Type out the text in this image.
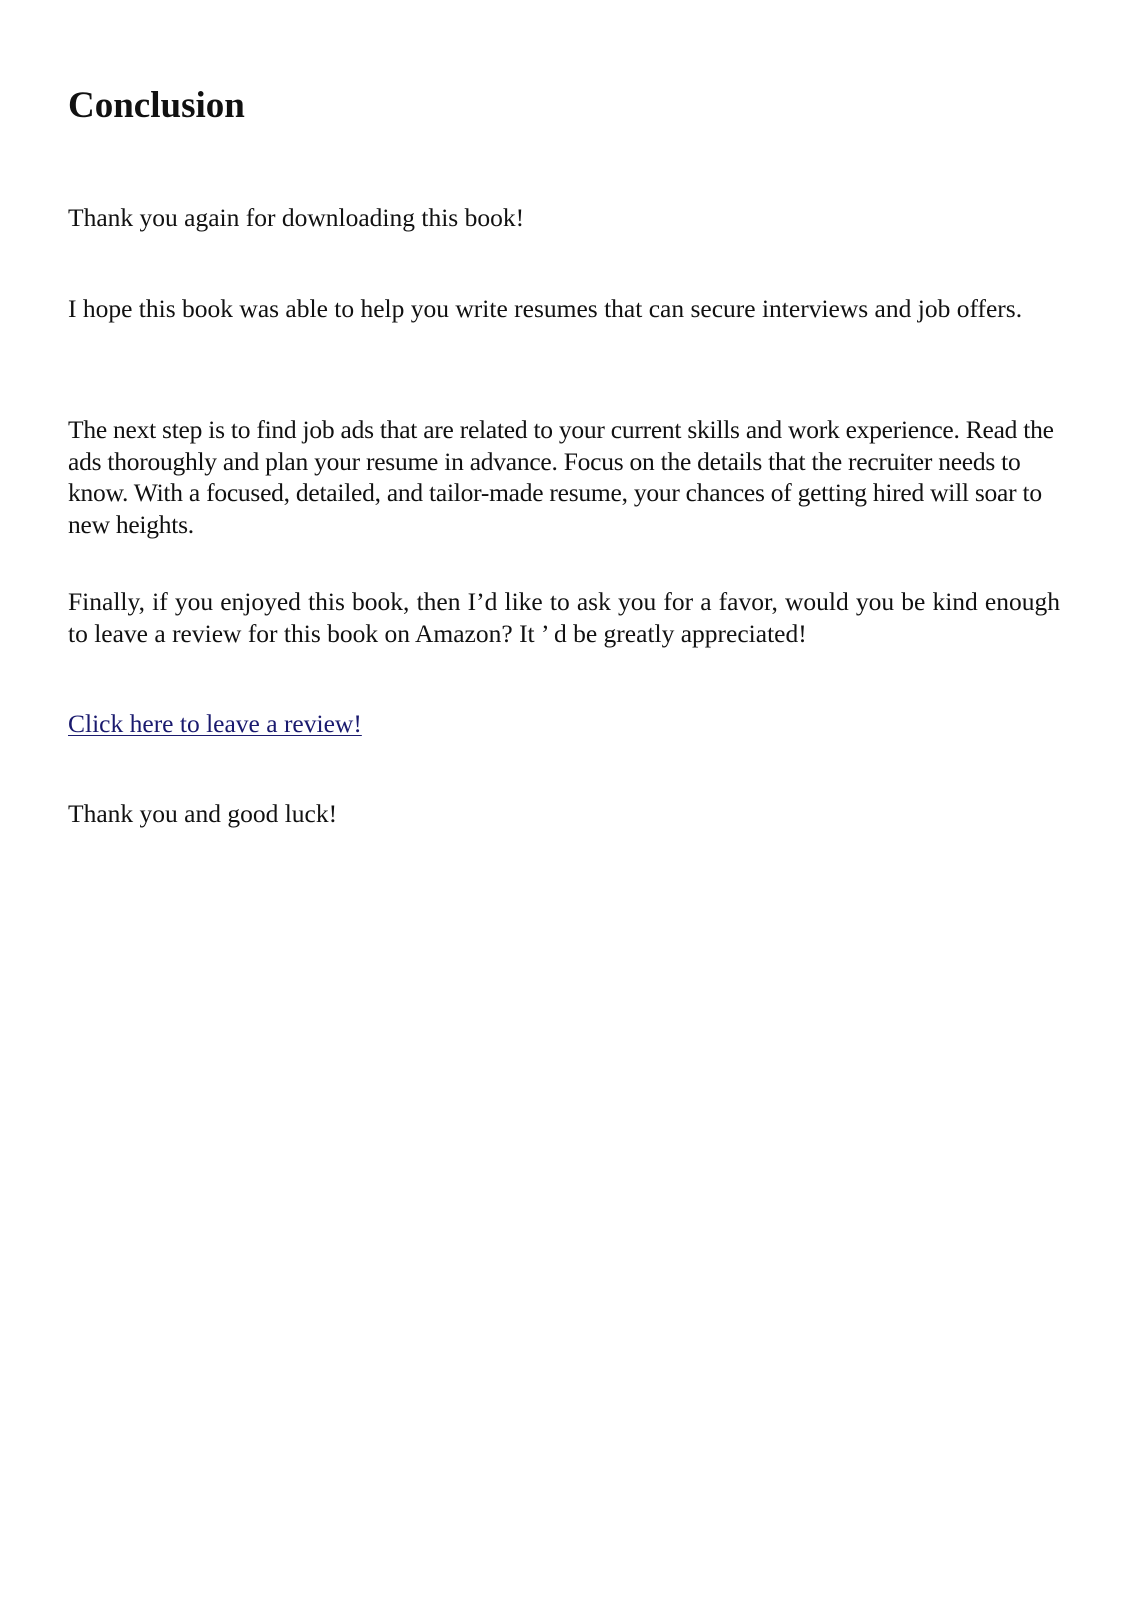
Conclusion

Thank you again for downloading this book!

I hope this book was able to help you write resumes that can secure interviews and job offers.

The next step is to find job ads that are related to your current skills and work experience. Read the ads thoroughly and plan your resume in advance. Focus on the details that the recruiter needs to know. With a focused, detailed, and tailor-made resume, your chances of getting hired will soar to new heights.

Finally, if you enjoyed this book, then I’d like to ask you for a favor, would you be kind enough to leave a review for this book on Amazon? It ’ d be greatly appreciated!

Click here to leave a review!

Thank you and good luck!
